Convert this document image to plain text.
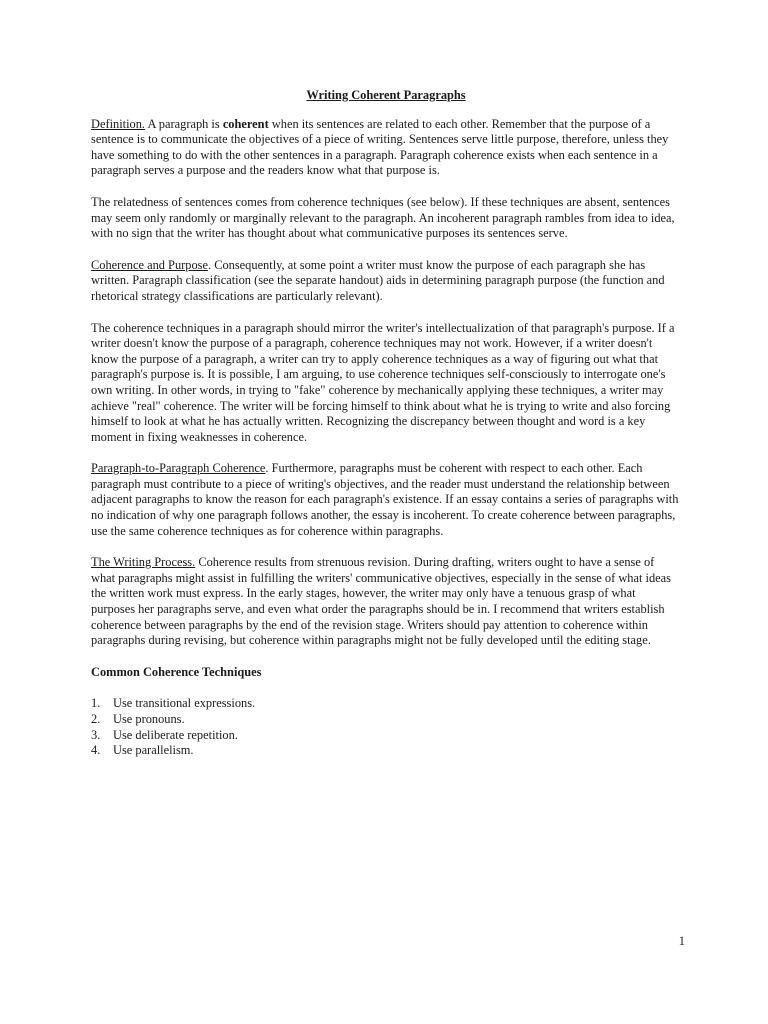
Writing Coherent Paragraphs

Definition. A paragraph is coherent when its sentences are related to each other. Remember that the purpose of a sentence is to communicate the objectives of a piece of writing. Sentences serve little purpose, therefore, unless they have something to do with the other sentences in a paragraph. Paragraph coherence exists when each sentence in a paragraph serves a purpose and the readers know what that purpose is.

The relatedness of sentences comes from coherence techniques (see below). If these techniques are absent, sentences may seem only randomly or marginally relevant to the paragraph. An incoherent paragraph rambles from idea to idea, with no sign that the writer has thought about what communicative purposes its sentences serve.

Coherence and Purpose. Consequently, at some point a writer must know the purpose of each paragraph she has written. Paragraph classification (see the separate handout) aids in determining paragraph purpose (the function and rhetorical strategy classifications are particularly relevant).

The coherence techniques in a paragraph should mirror the writer's intellectualization of that paragraph's purpose. If a writer doesn't know the purpose of a paragraph, coherence techniques may not work. However, if a writer doesn't know the purpose of a paragraph, a writer can try to apply coherence techniques as a way of figuring out what that paragraph's purpose is. It is possible, I am arguing, to use coherence techniques self-consciously to interrogate one's own writing. In other words, in trying to "fake" coherence by mechanically applying these techniques, a writer may achieve "real" coherence. The writer will be forcing himself to think about what he is trying to write and also forcing himself to look at what he has actually written. Recognizing the discrepancy between thought and word is a key moment in fixing weaknesses in coherence.

Paragraph-to-Paragraph Coherence. Furthermore, paragraphs must be coherent with respect to each other. Each paragraph must contribute to a piece of writing's objectives, and the reader must understand the relationship between adjacent paragraphs to know the reason for each paragraph's existence. If an essay contains a series of paragraphs with no indication of why one paragraph follows another, the essay is incoherent. To create coherence between paragraphs, use the same coherence techniques as for coherence within paragraphs.

The Writing Process. Coherence results from strenuous revision. During drafting, writers ought to have a sense of what paragraphs might assist in fulfilling the writers' communicative objectives, especially in the sense of what ideas the written work must express. In the early stages, however, the writer may only have a tenuous grasp of what purposes her paragraphs serve, and even what order the paragraphs should be in. I recommend that writers establish coherence between paragraphs by the end of the revision stage. Writers should pay attention to coherence within paragraphs during revising, but coherence within paragraphs might not be fully developed until the editing stage.

Common Coherence Techniques
1. Use transitional expressions.
2. Use pronouns.
3. Use deliberate repetition.
4. Use parallelism.
1
